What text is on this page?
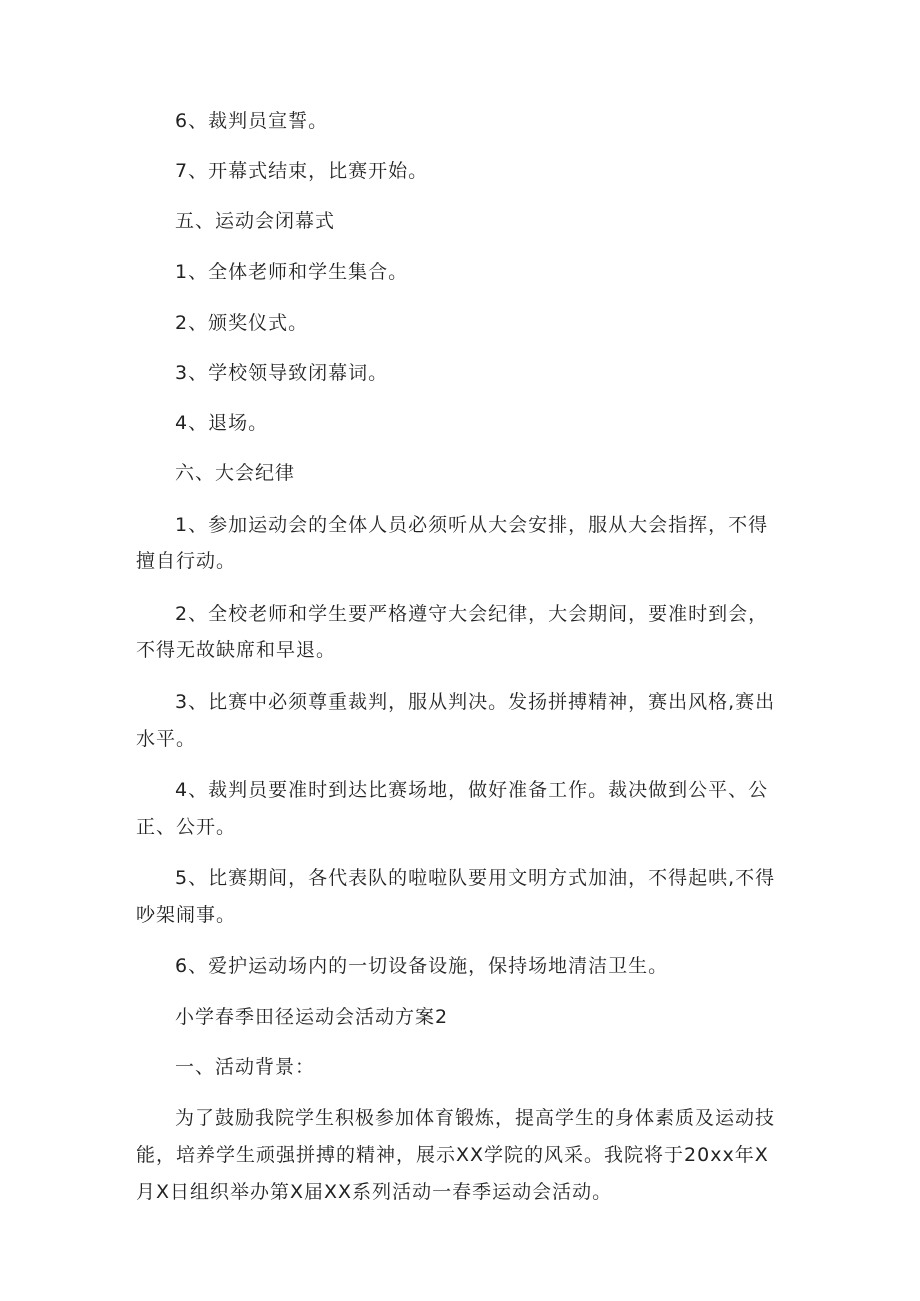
6、裁判员宣誓。

7、开幕式结束，比赛开始。

五、运动会闭幕式

1、全体老师和学生集合。

2、颁奖仪式。

3、学校领导致闭幕词。

4、退场。

六、大会纪律

1、参加运动会的全体人员必须听从大会安排，服从大会指挥，不得

擅自行动。

2、全校老师和学生要严格遵守大会纪律，大会期间，要准时到会，

不得无故缺席和早退。

3、比赛中必须尊重裁判，服从判决。发扬拼搏精神，赛出风格,赛出

水平。

4、裁判员要准时到达比赛场地，做好准备工作。裁决做到公平、公

正、公开。

5、比赛期间，各代表队的啦啦队要用文明方式加油，不得起哄,不得

吵架闹事。

6、爱护运动场内的一切设备设施，保持场地清洁卫生。

小学春季田径运动会活动方案2

一、活动背景：

为了鼓励我院学生积极参加体育锻炼，提高学生的身体素质及运动技

能，培养学生顽强拼搏的精神，展示XX学院的风采。我院将于20xx年X

月X日组织举办第X届XX系列活动一春季运动会活动。
